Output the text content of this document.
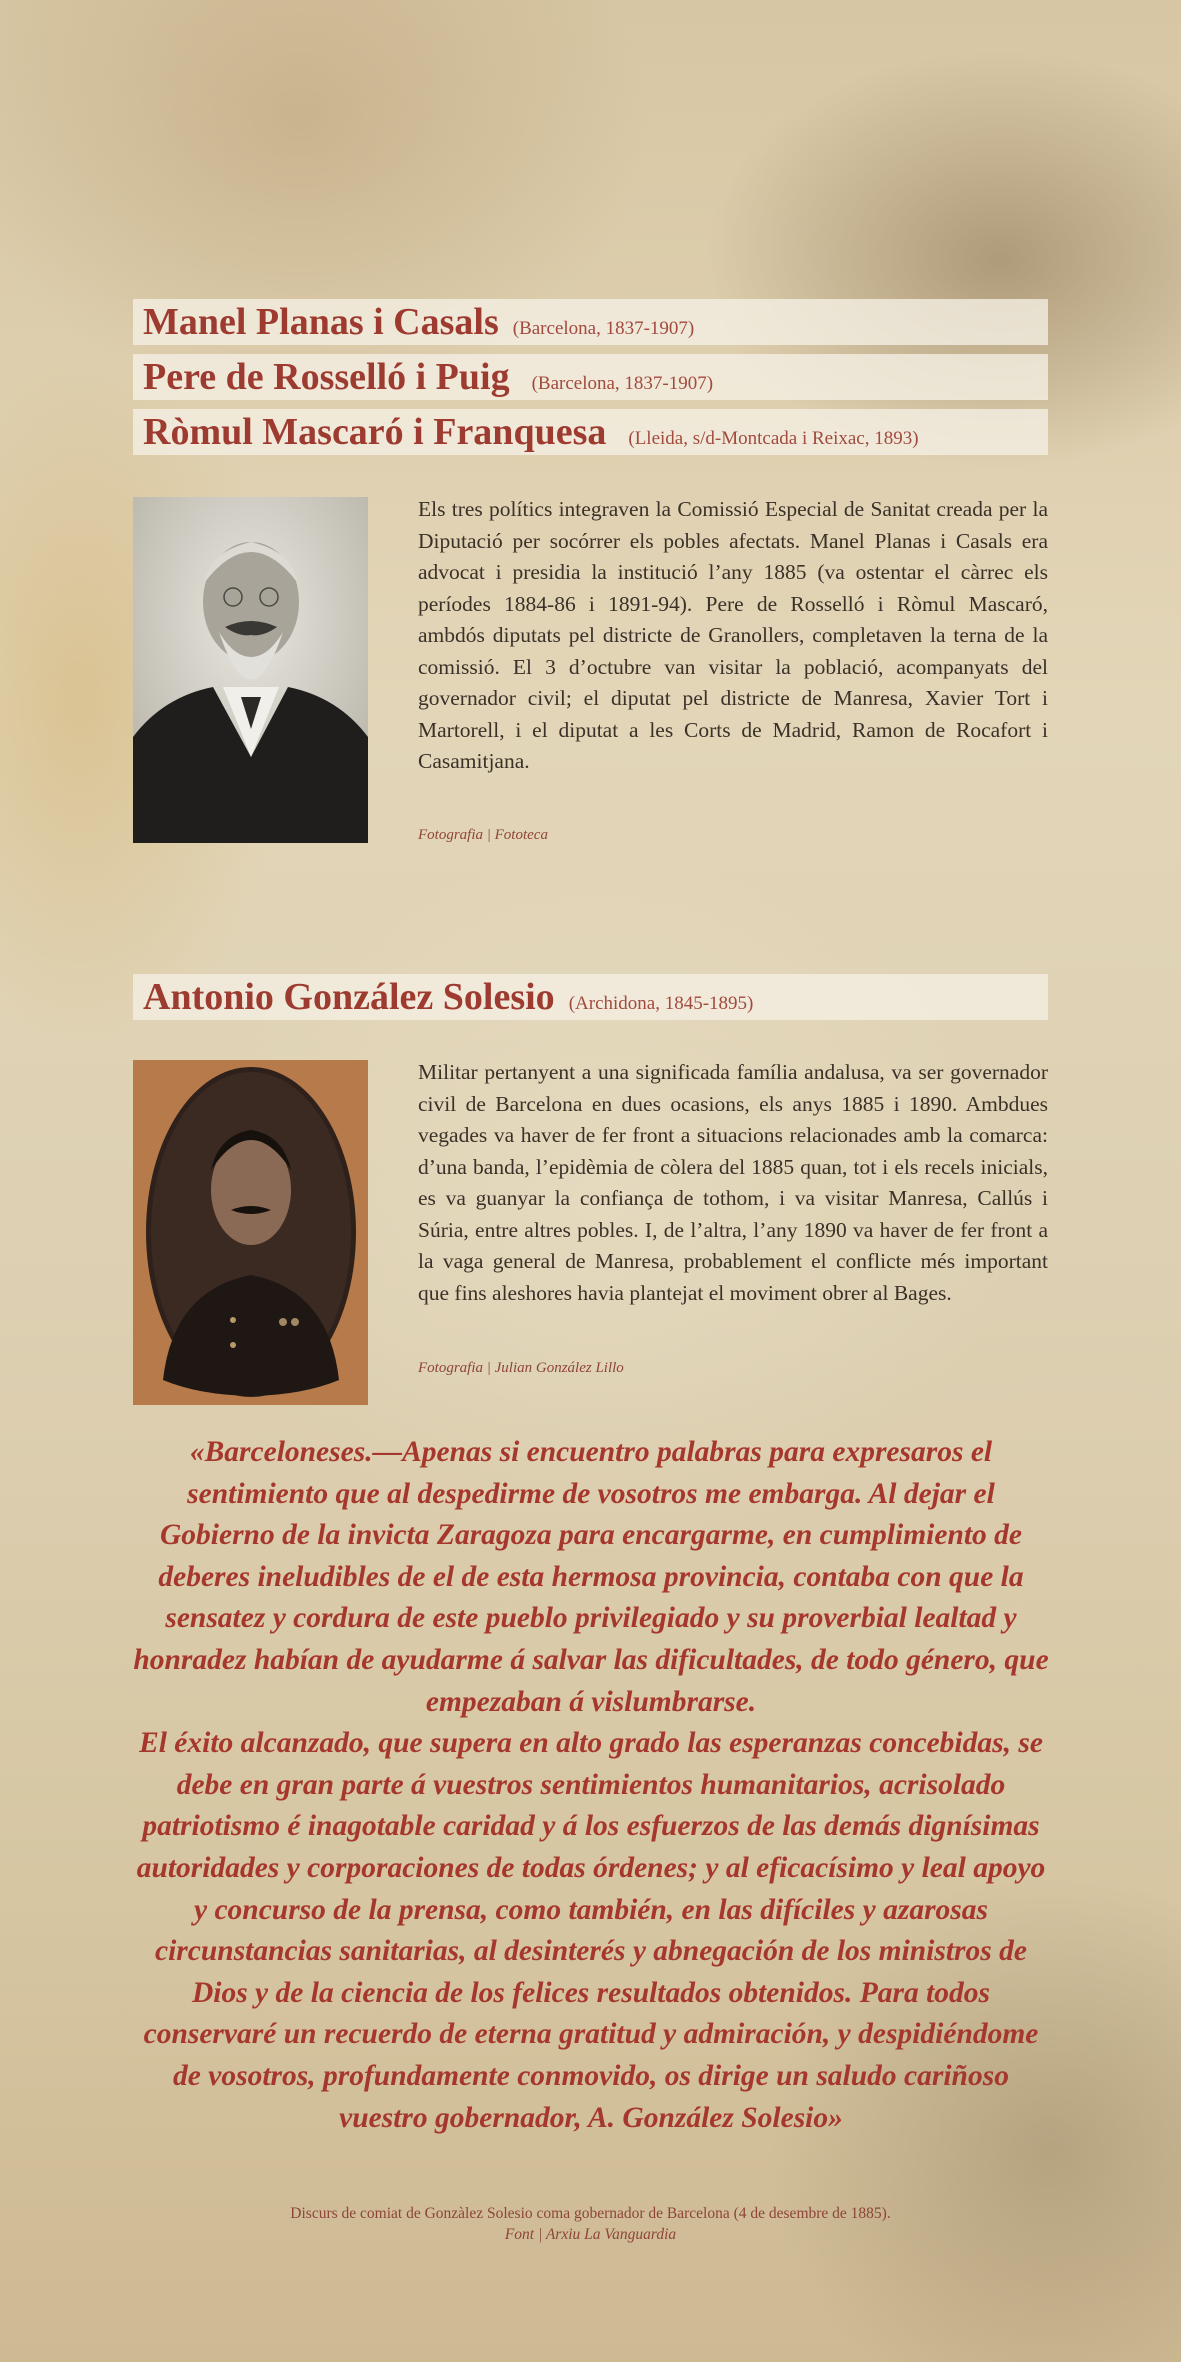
Manel Planas i Casals (Barcelona, 1837-1907)
Pere de Rosselló i Puig (Barcelona, 1837-1907)
Ròmul Mascaró i Franquesa (Lleida, s/d-Montcada i Reixac, 1893)

Els tres polítics integraven la Comissió Especial de Sanitat creada per la Diputació per socórrer els pobles afectats. Manel Planas i Casals era advocat i presidia la institució l’any 1885 (va ostentar el càrrec els períodes 1884-86 i 1891-94). Pere de Rosselló i Ròmul Mascaró, ambdós diputats pel districte de Granollers, completaven la terna de la comissió. El 3 d’octubre van visitar la població, acompanyats del governador civil; el diputat pel districte de Manresa, Xavier Tort i Martorell, i el diputat a les Corts de Madrid, Ramon de Rocafort i Casamitjana.

Fotografia | Fototeca
Antonio González Solesio (Archidona, 1845-1895)

Militar pertanyent a una significada família andalusa, va ser governador civil de Barcelona en dues ocasions, els anys 1885 i 1890. Ambdues vegades va haver de fer front a situacions relacionades amb la comarca: d’una banda, l’epidèmia de còlera del 1885 quan, tot i els recels inicials, es va guanyar la confiança de tothom, i va visitar Manresa, Callús i Súria, entre altres pobles. I, de l’altra, l’any 1890 va haver de fer front a la vaga general de Manresa, probablement el conflicte més important que fins aleshores havia plantejat el moviment obrer al Bages.

Fotografia | Julian González Lillo

«Barceloneses.—Apenas si encuentro palabras para expresaros el sentimiento que al despedirme de vosotros me embarga. Al dejar el Gobierno de la invicta Zaragoza para encargarme, en cumplimiento de deberes ineludibles de el de esta hermosa provincia, contaba con que la sensatez y cordura de este pueblo privilegiado y su proverbial lealtad y honradez habían de ayudarme á salvar las dificultades, de todo género, que empezaban á vislumbrarse.

El éxito alcanzado, que supera en alto grado las esperanzas concebidas, se debe en gran parte á vuestros sentimientos humanitarios, acrisolado patriotismo é inagotable caridad y á los esfuerzos de las demás dignísimas autoridades y corporaciones de todas órdenes; y al eficacísimo y leal apoyo y concurso de la prensa, como también, en las difíciles y azarosas circunstancias sanitarias, al desinterés y abnegación de los ministros de Dios y de la ciencia de los felices resultados obtenidos. Para todos conservaré un recuerdo de eterna gratitud y admiración, y despidiéndome de vosotros, profundamente conmovido, os dirige un saludo cariñoso vuestro gobernador, A. González Solesio»

Discurs de comiat de Gonzàlez Solesio coma gobernador de Barcelona (4 de desembre de 1885).
Font | Arxiu La Vanguardia
